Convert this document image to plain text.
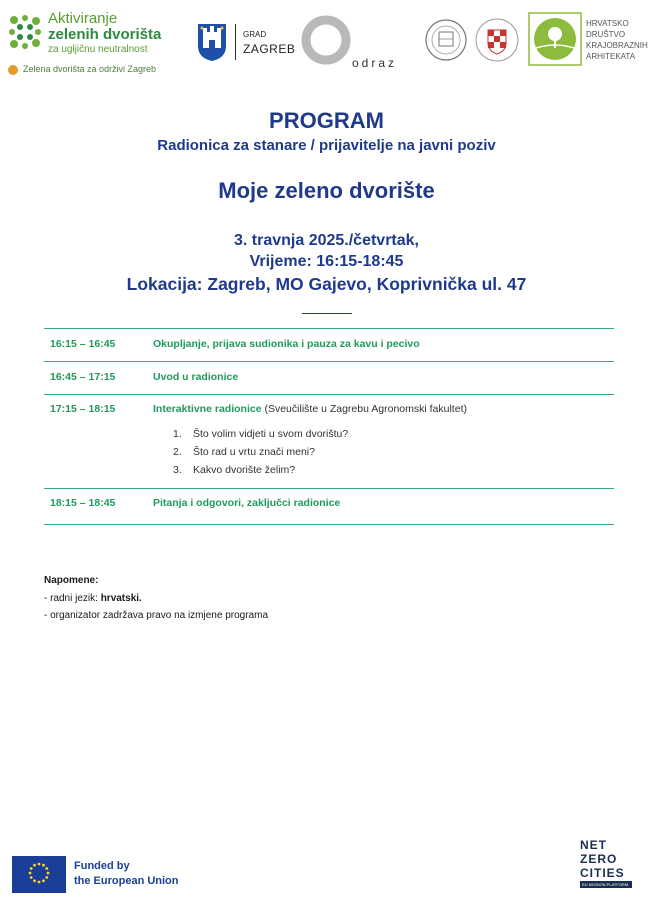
Aktiviranje
zelenih dvorišta
za ugljičnu neutralnost
Zelena dvorišta za održivi Zagreb
GRAD
ZAGREB
odraz
HRVATSKO
DRUŠTVO
KRAJOBRAZNIH
ARHITEKATA
PROGRAM
Radionica za stanare / prijavitelje na javni poziv
Moje zeleno dvorište
3. travnja 2025./četvrtak,
Vrijeme: 16:15-18:45
Lokacija: Zagreb, MO Gajevo, Koprivnička ul. 47
16:15 – 16:45	Okupljanje, prijava sudionika i pauza za kavu i pecivo
16:45 – 17:15	Uvod u radionice
17:15 – 18:15	Interaktivne radionice (Sveučilište u Zagrebu Agronomski fakultet)
1. Što volim vidjeti u svom dvorištu?
2. Što rad u vrtu znači meni?
3. Kakvo dvorište želim?
18:15 – 18:45	Pitanja i odgovori, zaključci radionice
Napomene:
- radni jezik: hrvatski.
- organizator zadržava pravo na izmjene programa
Funded by
the European Union
NET
ZERO
CITIES
EU MISSION PLATFORM
